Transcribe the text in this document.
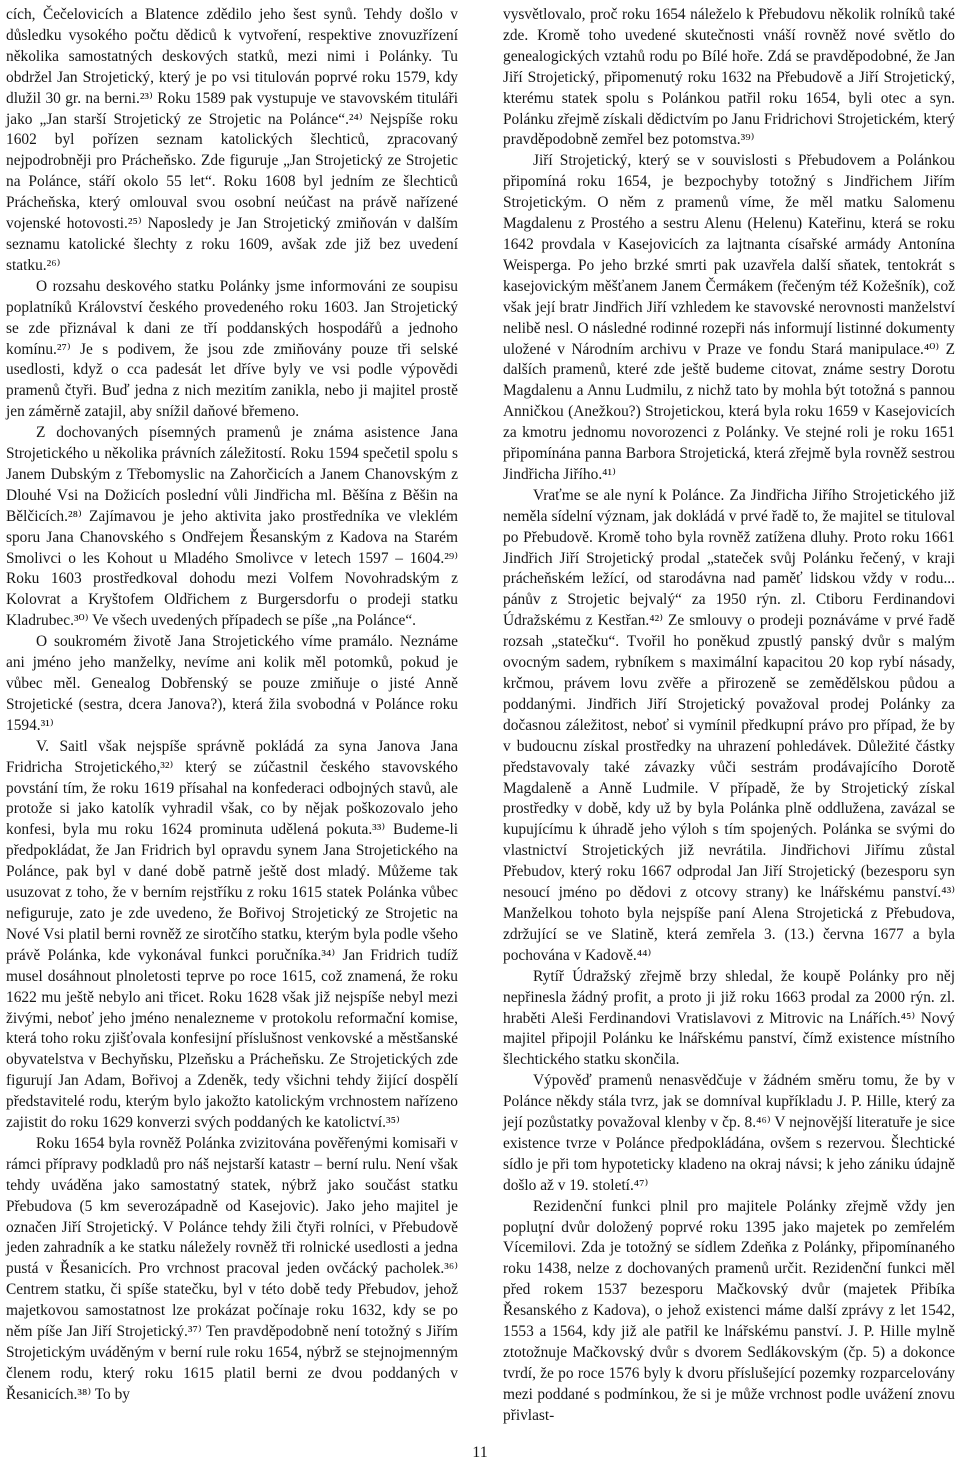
cích, Čečelovicích a Blatence zdědilo jeho šest synů. Tehdy došlo v důsledku vysokého počtu dědiců k vytvoření, respektive znovuzřízení několika samostatných deskových statků, mezi nimi i Polánky. Tu obdržel Jan Strojetický, který je po vsi titulován poprvé roku 1579, kdy dlužil 30 gr. na berni.²³⁾ Roku 1589 pak vystupuje ve stavovském tituláři jako „Jan starší Strojetický ze Strojetic na Polánce“.²⁴⁾ Nejspíše roku 1602 byl pořízen seznam katolických šlechticů, zpracovaný nejpodrobněji pro Prácheňsko. Zde figuruje „Jan Strojetický ze Strojetic na Polánce, stáří okolo 55 let“. Roku 1608 byl jedním ze šlechticů Prácheňska, který omlouval svou osobní neúčast na právě nařízené vojenské hotovosti.²⁵⁾ Naposledy je Jan Strojetický zmiňován v dalším seznamu katolické šlechty z roku 1609, avšak zde již bez uvedení statku.²⁶⁾

O rozsahu deskového statku Polánky jsme informováni ze soupisu poplatníků Království českého provedeného roku 1603. Jan Strojetický se zde přiznával k dani ze tří poddanských hospodářů a jednoho komínu.²⁷⁾ Je s podivem, že jsou zde zmiňovány pouze tři selské usedlosti, když o cca padesát let dříve byly ve vsi podle výpovědi pramenů čtyři. Buď jedna z nich mezitím zanikla, nebo ji majitel prostě jen záměrně zatajil, aby snížil daňové břemeno.

Z dochovaných písemných pramenů je známa asistence Jana Strojetického u několika právních záležitostí. Roku 1594 spečetil spolu s Janem Dubským z Třebomyslic na Zahorčicích a Janem Chanovským z Dlouhé Vsi na Dožicích poslední vůli Jindřicha ml. Běšína z Běšin na Bělčicích.²⁸⁾ Zajímavou je jeho aktivita jako prostředníka ve vleklém sporu Jana Chanovského s Ondřejem Řesanským z Kadova na Starém Smolivci o les Kohout u Mladého Smolivce v letech 1597 – 1604.²⁹⁾ Roku 1603 prostředkoval dohodu mezi Volfem Novohradským z Kolovrat a Kryštofem Oldřichem z Burgersdorfu o prodeji statku Kladrubec.³⁰⁾ Ve všech uvedených případech se píše „na Polánce“.

O soukromém životě Jana Strojetického víme pramálo. Neznáme ani jméno jeho manželky, nevíme ani kolik měl potomků, pokud je vůbec měl. Genealog Dobřenský se pouze zmiňuje o jisté Anně Strojetické (sestra, dcera Janova?), která žila svobodná v Polánce roku 1594.³¹⁾

V. Saitl však nejspíše správně pokládá za syna Janova Jana Fridricha Strojetického,³²⁾ který se zúčastnil českého stavovského povstání tím, že roku 1619 přísahal na konfederaci odbojných stavů, ale protože si jako katolík vyhradil však, co by nějak poškozovalo jeho konfesi, byla mu roku 1624 prominuta udělená pokuta.³³⁾ Budeme-li předpokládat, že Jan Fridrich byl opravdu synem Jana Strojetického na Polánce, pak byl v dané době patrně ještě dost mladý. Můžeme tak usuzovat z toho, že v berním rejstříku z roku 1615 statek Polánka vůbec nefiguruje, zato je zde uvedeno, že Bořivoj Strojetický ze Strojetic na Nové Vsi platil berni rovněž ze sirotčího statku, kterým byla podle všeho právě Polánka, kde vykonával funkci poručníka.³⁴⁾ Jan Fridrich tudíž musel dosáhnout plnoletosti teprve po roce 1615, což znamená, že roku 1622 mu ještě nebylo ani třicet. Roku 1628 však již nejspíše nebyl mezi živými, neboť jeho jméno nenalezneme v protokolu reformační komise, která toho roku zjišťovala konfesijní příslušnost venkovské a městšanské obyvatelstva v Bechyňsku, Plzeňsku a Prácheňsku. Ze Strojetických zde figurují Jan Adam, Bořivoj a Zdeněk, tedy všichni tehdy žijící dospělí představitelé rodu, kterým bylo jakožto katolickým vrchnostem nařízeno zajistit do roku 1629 konverzi svých poddaných ke katolictví.³⁵⁾

Roku 1654 byla rovněž Polánka zvizitována pověřenými komisaři v rámci přípravy podkladů pro náš nejstarší katastr – berní rulu. Není však tehdy uváděna jako samostatný statek, nýbrž jako součást statku Přebudova (5 km severozápadně od Kasejovic). Jako jeho majitel je označen Jiří Strojetický. V Polánce tehdy žili čtyři rolníci, v Přebudově jeden zahradník a ke statku náležely rovněž tři rolnické usedlosti a jedna pustá v Řesanicích. Pro vrchnost pracoval jeden ovčácký pacholek.³⁶⁾ Centrem statku, či spíše statečku, byl v této době tedy Přebudov, jehož majetkovou samostatnost lze prokázat počínaje roku 1632, kdy se po něm píše Jan Jiří Strojetický.³⁷⁾ Ten pravděpodobně není totožný s Jiřím Strojetickým uváděným v berní rule roku 1654, nýbrž se stejnojmenným členem rodu, který roku 1615 platil berni ze dvou poddaných v Řesanicích.³⁸⁾ To by

vysvětlovalo, proč roku 1654 náleželo k Přebudovu několik rolníků také zde. Kromě toho uvedené skutečnosti vnáší rovněž nové světlo do genealogických vztahů rodu po Bílé hoře. Zdá se pravděpodobné, že Jan Jiří Strojetický, připomenutý roku 1632 na Přebudově a Jiří Strojetický, kterému statek spolu s Polánkou patřil roku 1654, byli otec a syn. Polánku zřejmě získali dědictvím po Janu Fridrichovi Strojetickém, který pravděpodobně zemřel bez potomstva.³⁹⁾

Jiří Strojetický, který se v souvislosti s Přebudovem a Polánkou připomíná roku 1654, je bezpochyby totožný s Jindřichem Jiřím Strojetickým. O něm z pramenů víme, že měl matku Salomenu Magdalenu z Prostého a sestru Alenu (Helenu) Kateřinu, která se roku 1642 provdala v Kasejovicích za lajtnanta císařské armády Antonína Weisperga. Po jeho brzké smrti pak uzavřela další sňatek, tentokrát s kasejovickým měšťanem Janem Čermákem (řečeným též Kožešník), což však její bratr Jindřich Jiří vzhledem ke stavovské nerovnosti manželství nelibě nesl. O následné rodinné rozepři nás informují listinné dokumenty uložené v Národním archivu v Praze ve fondu Stará manipulace.⁴⁰⁾ Z dalších pramenů, které zde ještě budeme citovat, známe sestry Dorotu Magdalenu a Annu Ludmilu, z nichž tato by mohla být totožná s pannou Anničkou (Anežkou?) Strojetickou, která byla roku 1659 v Kasejovicích za kmotru jednomu novorozenci z Polánky. Ve stejné roli je roku 1651 připomínána panna Barbora Strojetická, která zřejmě byla rovněž sestrou Jindřicha Jiřího.⁴¹⁾

Vraťme se ale nyní k Polánce. Za Jindřicha Jiřího Strojetického již neměla sídelní význam, jak dokládá v prvé řadě to, že majitel se tituloval po Přebudově. Kromě toho byla rovněž zatížena dluhy. Proto roku 1661 Jindřich Jiří Strojetický prodal „stateček svůj Polánku řečený, v kraji prácheňském ležící, od starodávna nad paměť lidskou vždy v rodu... pánův z Strojetic bejvalý“ za 1950 rýn. zl. Ctiboru Ferdinandovi Údražskému z Kestřan.⁴²⁾ Ze smlouvy o prodeji poznáváme v prvé řadě rozsah „statečku“. Tvořil ho poněkud zpustlý panský dvůr s malým ovocným sadem, rybníkem s maximální kapacitou 20 kop rybí násady, krčmou, právem lovu zvěře a přirozeně se zemědělskou půdou a poddanými. Jindřich Jiří Strojetický považoval prodej Polánky za dočasnou záležitost, neboť si vymínil předkupní právo pro případ, že by v budoucnu získal prostředky na uhrazení pohledávek. Důležité částky představovaly také závazky vůči sestrám prodávajícího Dorotě Magdaleně a Anně Ludmile. V případě, že by Strojetický získal prostředky v době, kdy už by byla Polánka plně oddlužena, zavázal se kupujícímu k úhradě jeho výloh s tím spojených. Polánka se svými do vlastnictví Strojetických již nevrátila. Jindřichovi Jiřímu zůstal Přebudov, který roku 1667 odprodal Jan Jiří Strojetický (bezesporu syn nesoucí jméno po dědovi z otcovy strany) ke lnářskému panství.⁴³⁾ Manželkou tohoto byla nejspíše paní Alena Strojetická z Přebudova, zdržující se ve Slatině, která zemřela 3. (13.) června 1677 a byla pochována v Kadově.⁴⁴⁾

Rytíř Údražský zřejmě brzy shledal, že koupě Polánky pro něj nepřinesla žádný profit, a proto ji již roku 1663 prodal za 2000 rýn. zl. hraběti Aleši Ferdinandovi Vratislavovi z Mitrovic na Lnářích.⁴⁵⁾ Nový majitel připojil Polánku ke lnářskému panství, čímž existence místního šlechtického statku skončila.

Výpověď pramenů nenasvědčuje v žádném směru tomu, že by v Polánce někdy stála tvrz, jak se domníval kupříkladu J. P. Hille, který za její pozůstatky považoval klenby v čp. 8.⁴⁶⁾ V nejnovější literatuře je sice existence tvrze v Polánce předpokládána, ovšem s rezervou. Šlechtické sídlo je při tom hypoteticky kladeno na okraj návsi; k jeho zániku údajně došlo až v 19. století.⁴⁷⁾

Rezidenční funkci plnil pro majitele Polánky zřejmě vždy jen popluţní dvůr doložený poprvé roku 1395 jako majetek po zemřelém Vícemilovi. Zda je totožný se sídlem Zdeňka z Polánky, připomínaného roku 1438, nelze z dochovaných pramenů určit. Rezidenční funkci měl před rokem 1537 bezesporu Mačkovský dvůr (majetek Přibíka Řesanského z Kadova), o jehož existenci máme další zprávy z let 1542, 1553 a 1564, kdy již ale patřil ke lnářskému panství. J. P. Hille mylně ztotožnuje Mačkovský dvůr s dvorem Sedlákovským (čp. 5) a dokonce tvrdí, že po roce 1576 byly k dvoru příslušející pozemky rozparcelovány mezi poddané s podmínkou, že si je může vrchnost podle uvážení znovu přivlast-

11
